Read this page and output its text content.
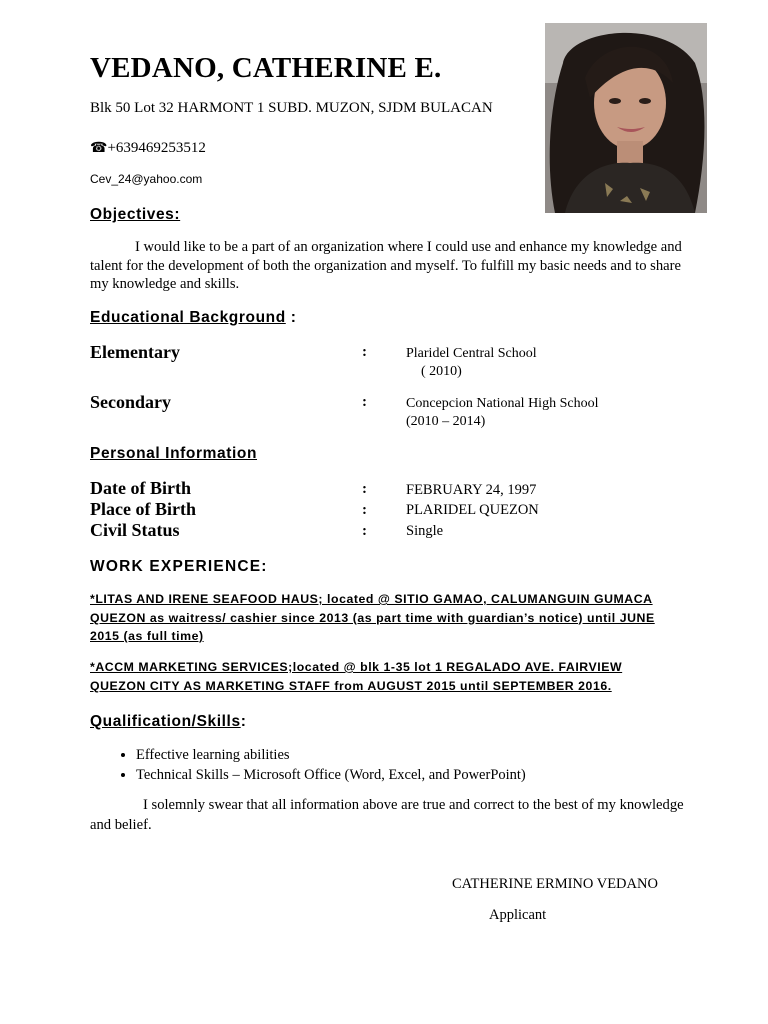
VEDANO, CATHERINE E.
Blk 50 Lot 32 HARMONT 1 SUBD. MUZON, SJDM BULACAN
☎+639469253512
Cev_24@yahoo.com
Objectives:
I would like to be a part of an organization where I could use and enhance my knowledge and talent for the development of both the organization and myself. To fulfill my basic needs and to share my knowledge and skills.
Educational Background :
Elementary	:	Plaridel Central School
( 2010)
Secondary	:	Concepcion National High School
(2010 – 2014)
Personal Information
Date of Birth	:	FEBRUARY 24, 1997
Place of Birth	:	PLARIDEL QUEZON
Civil Status	:	Single
WORK EXPERIENCE:
*LITAS AND IRENE SEAFOOD HAUS; located @ SITIO GAMAO, CALUMANGUIN GUMACA QUEZON as waitress/ cashier since 2013 (as part time with guardian’s notice) until JUNE 2015 (as full time)
*ACCM MARKETING SERVICES;located @ blk 1-35 lot 1 REGALADO AVE. FAIRVIEW QUEZON CITY AS MARKETING STAFF from AUGUST 2015 until SEPTEMBER 2016.
Qualification/Skills:
• Effective learning abilities
• Technical Skills – Microsoft Office (Word, Excel, and PowerPoint)
I solemnly swear that all information above are true and correct to the best of my knowledge and belief.
CATHERINE ERMINO VEDANO
Applicant
